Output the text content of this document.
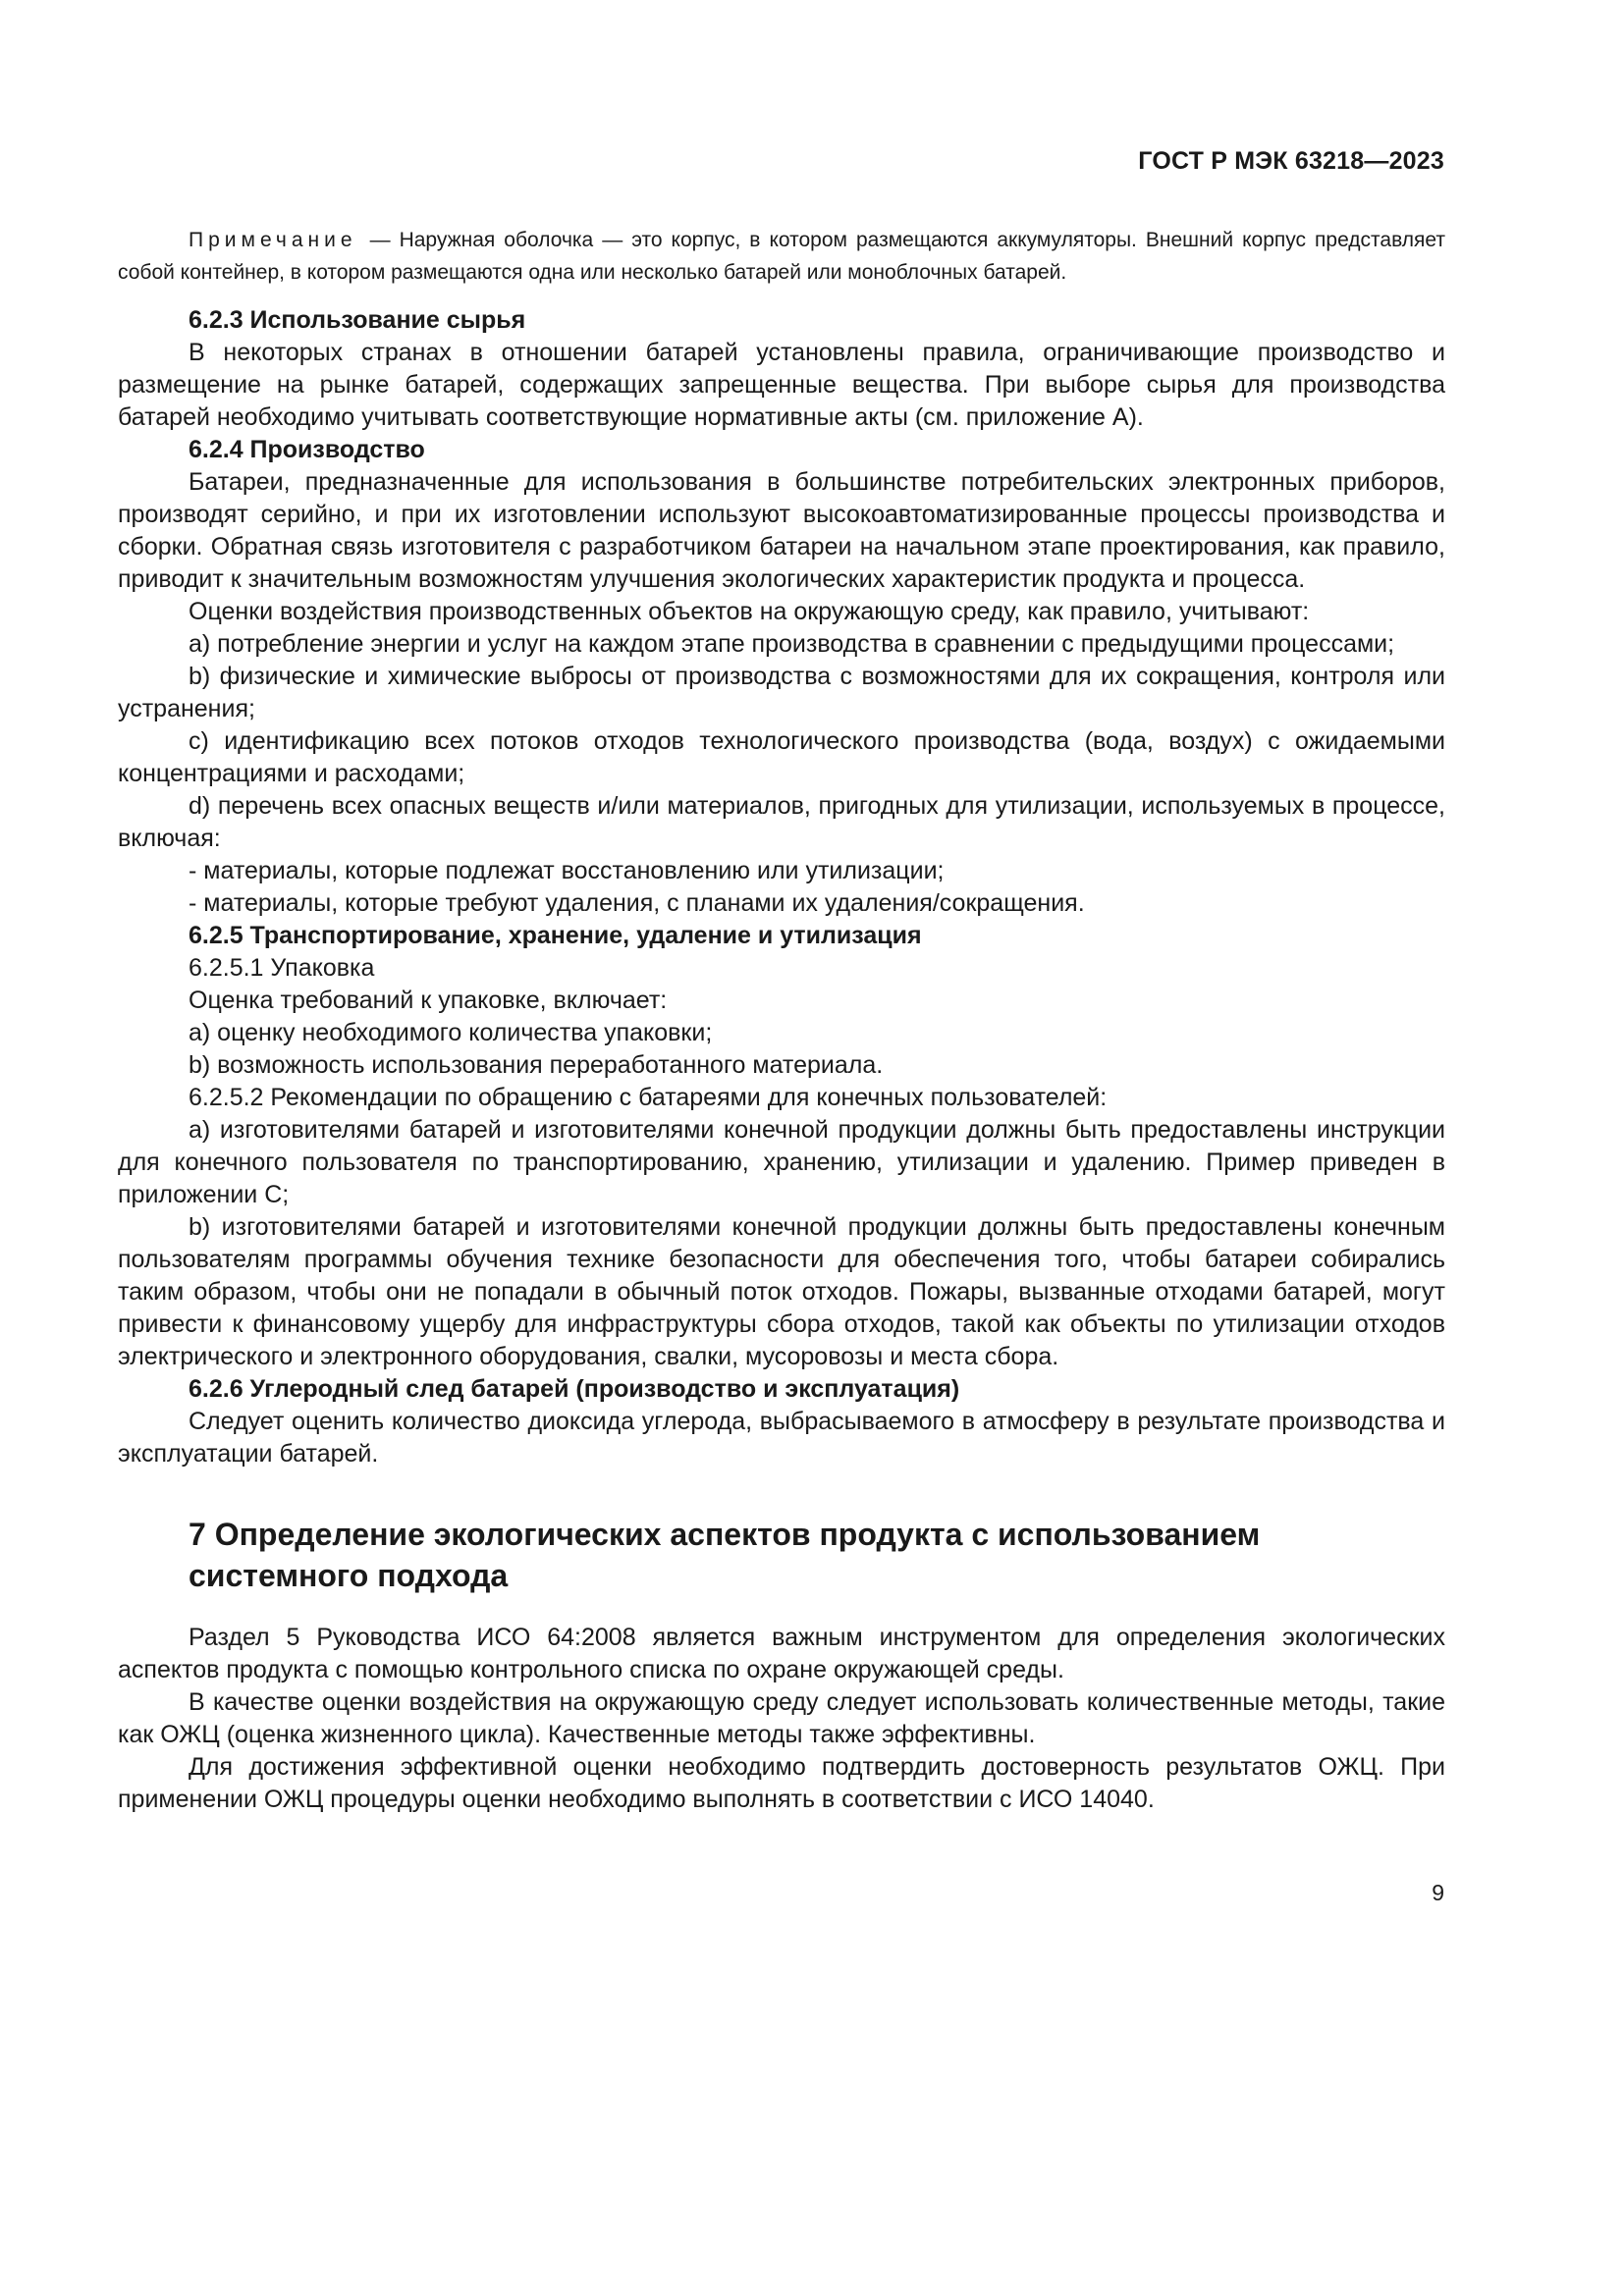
ГОСТ Р МЭК 63218—2023

Примечание — Наружная оболочка — это корпус, в котором размещаются аккумуляторы. Внешний корпус представляет собой контейнер, в котором размещаются одна или несколько батарей или моноблочных батарей.

6.2.3 Использование сырья

В некоторых странах в отношении батарей установлены правила, ограничивающие производство и размещение на рынке батарей, содержащих запрещенные вещества. При выборе сырья для производства батарей необходимо учитывать соответствующие нормативные акты (см. приложение А).

6.2.4 Производство

Батареи, предназначенные для использования в большинстве потребительских электронных приборов, производят серийно, и при их изготовлении используют высокоавтоматизированные процессы производства и сборки. Обратная связь изготовителя с разработчиком батареи на начальном этапе проектирования, как правило, приводит к значительным возможностям улучшения экологических характеристик продукта и процесса.

Оценки воздействия производственных объектов на окружающую среду, как правило, учитывают:

a) потребление энергии и услуг на каждом этапе производства в сравнении с предыдущими процессами;

b) физические и химические выбросы от производства с возможностями для их сокращения, контроля или устранения;

c) идентификацию всех потоков отходов технологического производства (вода, воздух) с ожидаемыми концентрациями и расходами;

d) перечень всех опасных веществ и/или материалов, пригодных для утилизации, используемых в процессе, включая:

- материалы, которые подлежат восстановлению или утилизации;

- материалы, которые требуют удаления, с планами их удаления/сокращения.

6.2.5 Транспортирование, хранение, удаление и утилизация

6.2.5.1 Упаковка

Оценка требований к упаковке, включает:

a) оценку необходимого количества упаковки;

b) возможность использования переработанного материала.

6.2.5.2 Рекомендации по обращению с батареями для конечных пользователей:

a) изготовителями батарей и изготовителями конечной продукции должны быть предоставлены инструкции для конечного пользователя по транспортированию, хранению, утилизации и удалению. Пример приведен в приложении С;

b) изготовителями батарей и изготовителями конечной продукции должны быть предоставлены конечным пользователям программы обучения технике безопасности для обеспечения того, чтобы батареи собирались таким образом, чтобы они не попадали в обычный поток отходов. Пожары, вызванные отходами батарей, могут привести к финансовому ущербу для инфраструктуры сбора отходов, такой как объекты по утилизации отходов электрического и электронного оборудования, свалки, мусоровозы и места сбора.

6.2.6 Углеродный след батарей (производство и эксплуатация)

Следует оценить количество диоксида углерода, выбрасываемого в атмосферу в результате производства и эксплуатации батарей.

7 Определение экологических аспектов продукта с использованием системного подхода

Раздел 5 Руководства ИСО 64:2008 является важным инструментом для определения экологических аспектов продукта с помощью контрольного списка по охране окружающей среды.

В качестве оценки воздействия на окружающую среду следует использовать количественные методы, такие как ОЖЦ (оценка жизненного цикла). Качественные методы также эффективны.

Для достижения эффективной оценки необходимо подтвердить достоверность результатов ОЖЦ. При применении ОЖЦ процедуры оценки необходимо выполнять в соответствии с ИСО 14040.

9
